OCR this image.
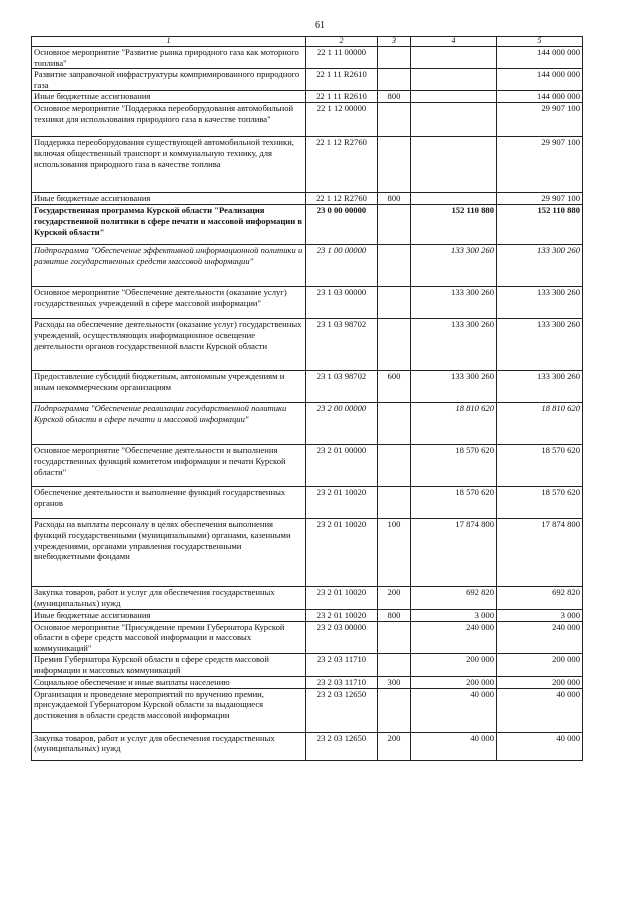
61
1	2	3	4	5
Основное мероприятие "Развитие рынка природного газа как моторного топлива"	22 1 11 00000			144 000 000
Развитие заправочной инфраструктуры компримированного природного газа	22 1 11 R2610			144 000 000
Иные бюджетные ассигнования	22 1 11 R2610	800		144 000 000
Основное мероприятие "Поддержка переоборудования автомобильной техники для использования природного газа в качестве топлива"	22 1 12 00000			29 907 100
Поддержка переоборудования существующей автомобильной техники, включая общественный транспорт и коммунальную технику, для использования природного газа в качестве топлива	22 1 12 R2760			29 907 100
Иные бюджетные ассигнования	22 1 12 R2760	800		29 907 100
Государственная программа Курской области "Реализация государственной политики в сфере печати и массовой информации в Курской области"	23 0 00 00000		152 110 880	152 110 880
Подпрограмма "Обеспечение эффективной информационной политики и развитие государственных средств массовой информации"	23 1 00 00000		133 300 260	133 300 260
Основное мероприятие "Обеспечение деятельности (оказание услуг) государственных учреждений в сфере массовой информации"	23 1 03 00000		133 300 260	133 300 260
Расходы на обеспечение деятельности (оказание услуг) государственных учреждений, осуществляющих информационное освещение деятельности органов государственной власти Курской области	23 1 03 98702		133 300 260	133 300 260
Предоставление субсидий бюджетным, автономным учреждениям и иным некоммерческим организациям	23 1 03 98702	600	133 300 260	133 300 260
Подпрограмма "Обеспечение реализации государственной политики Курской области в сфере печати и массовой информации"	23 2 00 00000		18 810 620	18 810 620
Основное мероприятие "Обеспечение деятельности и выполнения государственных функций комитетом информации и печати Курской области"	23 2 01 00000		18 570 620	18 570 620
Обеспечение деятельности и выполнение функций государственных органов	23 2 01 10020		18 570 620	18 570 620
Расходы на выплаты персоналу в целях обеспечения выполнения функций государственными (муниципальными) органами, казенными учреждениями, органами управления государственными внебюджетными фондами	23 2 01 10020	100	17 874 800	17 874 800
Закупка товаров, работ и услуг для обеспечения государственных (муниципальных) нужд	23 2 01 10020	200	692 820	692 820
Иные бюджетные ассигнования	23 2 01 10020	800	3 000	3 000
Основное мероприятие "Присуждение премии Губернатора Курской области в сфере средств массовой информации и массовых коммуникаций"	23 2 03 00000		240 000	240 000
Премия Губернатора Курской области в сфере средств массовой информации и массовых коммуникаций	23 2 03 11710		200 000	200 000
Социальное обеспечение и иные выплаты населению	23 2 03 11710	300	200 000	200 000
Организация и проведение мероприятий по вручению премии, присуждаемой Губернатором Курской области за выдающиеся достижения в области средств массовой информации	23 2 03 12650		40 000	40 000
Закупка товаров, работ и услуг для обеспечения государственных (муниципальных) нужд	23 2 03 12650	200	40 000	40 000
